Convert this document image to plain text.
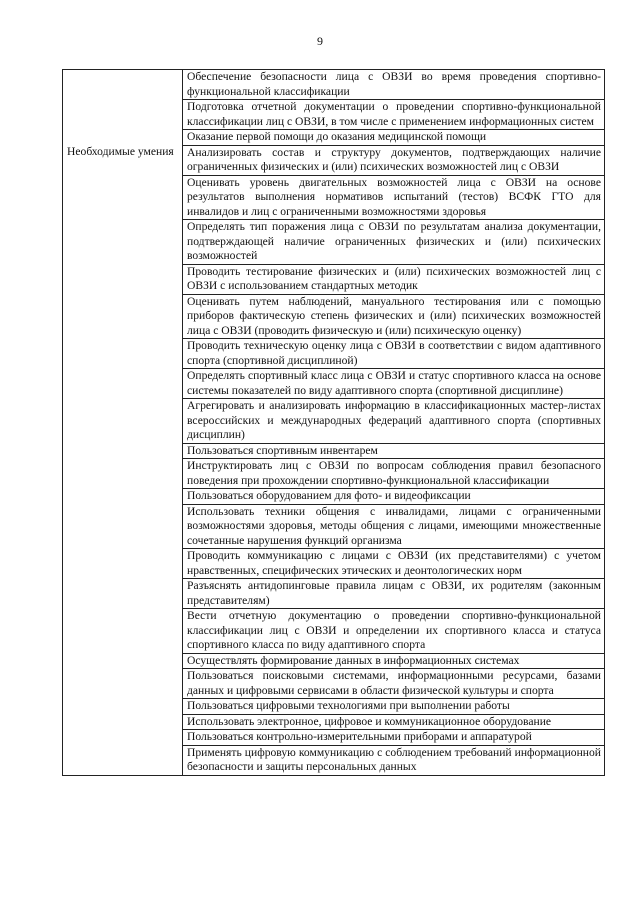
9
	Обеспечение безопасности лица с ОВЗИ во время проведения спортивно-функциональной классификации
	Подготовка отчетной документации о проведении спортивно-функциональной классификации лиц с ОВЗИ, в том числе с применением информационных систем
	Оказание первой помощи до оказания медицинской помощи
Необходимые умения	Анализировать состав и структуру документов, подтверждающих наличие ограниченных физических и (или) психических возможностей лиц с ОВЗИ
	Оценивать уровень двигательных возможностей лица с ОВЗИ на основе результатов выполнения нормативов испытаний (тестов) ВСФК ГТО для инвалидов и лиц с ограниченными возможностями здоровья
	Определять тип поражения лица с ОВЗИ по результатам анализа документации, подтверждающей наличие ограниченных физических и (или) психических возможностей
	Проводить тестирование физических и (или) психических возможностей лиц с ОВЗИ с использованием стандартных методик
	Оценивать путем наблюдений, мануального тестирования или с помощью приборов фактическую степень физических и (или) психических возможностей лица с ОВЗИ (проводить физическую и (или) психическую оценку)
	Проводить техническую оценку лица с ОВЗИ в соответствии с видом адаптивного спорта (спортивной дисциплиной)
	Определять спортивный класс лица с ОВЗИ и статус спортивного класса на основе системы показателей по виду адаптивного спорта (спортивной дисциплине)
	Агрегировать и анализировать информацию в классификационных мастер-листах всероссийских и международных федераций адаптивного спорта (спортивных дисциплин)
	Пользоваться спортивным инвентарем
	Инструктировать лиц с ОВЗИ по вопросам соблюдения правил безопасного поведения при прохождении спортивно-функциональной классификации
	Пользоваться оборудованием для фото- и видеофиксации
	Использовать техники общения с инвалидами, лицами с ограниченными возможностями здоровья, методы общения с лицами, имеющими множественные сочетанные нарушения функций организма
	Проводить коммуникацию с лицами с ОВЗИ (их представителями) с учетом нравственных, специфических этических и деонтологических норм
	Разъяснять антидопинговые правила лицам с ОВЗИ, их родителям (законным представителям)
	Вести отчетную документацию о проведении спортивно-функциональной классификации лиц с ОВЗИ и определении их спортивного класса и статуса спортивного класса по виду адаптивного спорта
	Осуществлять формирование данных в информационных системах
	Пользоваться поисковыми системами, информационными ресурсами, базами данных и цифровыми сервисами в области физической культуры и спорта
	Пользоваться цифровыми технологиями при выполнении работы
	Использовать электронное, цифровое и коммуникационное оборудование
	Пользоваться контрольно-измерительными приборами и аппаратурой
	Применять цифровую коммуникацию с соблюдением требований информационной безопасности и защиты персональных данных
